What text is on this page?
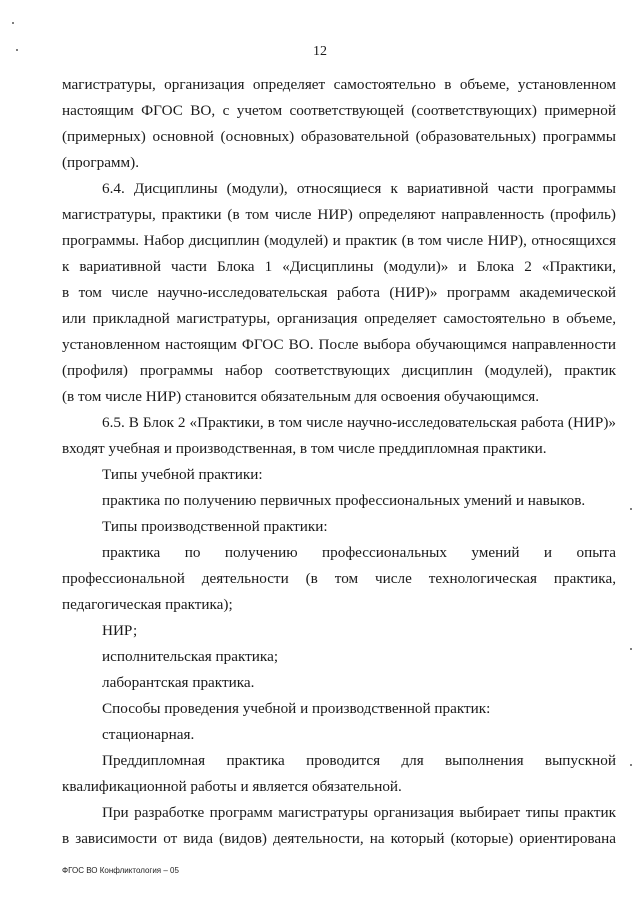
12
магистратуры, организация определяет самостоятельно в объеме, установленном
настоящим ФГОС ВО, с учетом соответствующей (соответствующих) примерной
(примерных) основной (основных) образовательной (образовательных) программы
(программ).
6.4. Дисциплины (модули), относящиеся к вариативной части программы
магистратуры, практики (в том числе НИР) определяют направленность (профиль)
программы. Набор дисциплин (модулей) и практик (в том числе НИР), относящихся
к вариативной части Блока 1 «Дисциплины (модули)» и Блока 2 «Практики,
в том числе научно-исследовательская работа (НИР)» программ академической
или прикладной магистратуры, организация определяет самостоятельно в объеме,
установленном настоящим ФГОС ВО. После выбора обучающимся направленности
(профиля) программы набор соответствующих дисциплин (модулей), практик
(в том числе НИР) становится обязательным для освоения обучающимся.
6.5. В Блок 2 «Практики, в том числе научно-исследовательская работа (НИР)»
входят учебная и производственная, в том числе преддипломная практики.
Типы учебной практики:
практика по получению первичных профессиональных умений и навыков.
Типы производственной практики:
практика по получению профессиональных умений и опыта
профессиональной деятельности (в том числе технологическая практика,
педагогическая практика);
НИР;
исполнительская практика;
лаборантская практика.
Способы проведения учебной и производственной практик:
стационарная.
Преддипломная практика проводится для выполнения выпускной
квалификационной работы и является обязательной.
При разработке программ магистратуры организация выбирает типы практик
в зависимости от вида (видов) деятельности, на который (которые) ориентирована
ФГОС ВО Конфликтология – 05
